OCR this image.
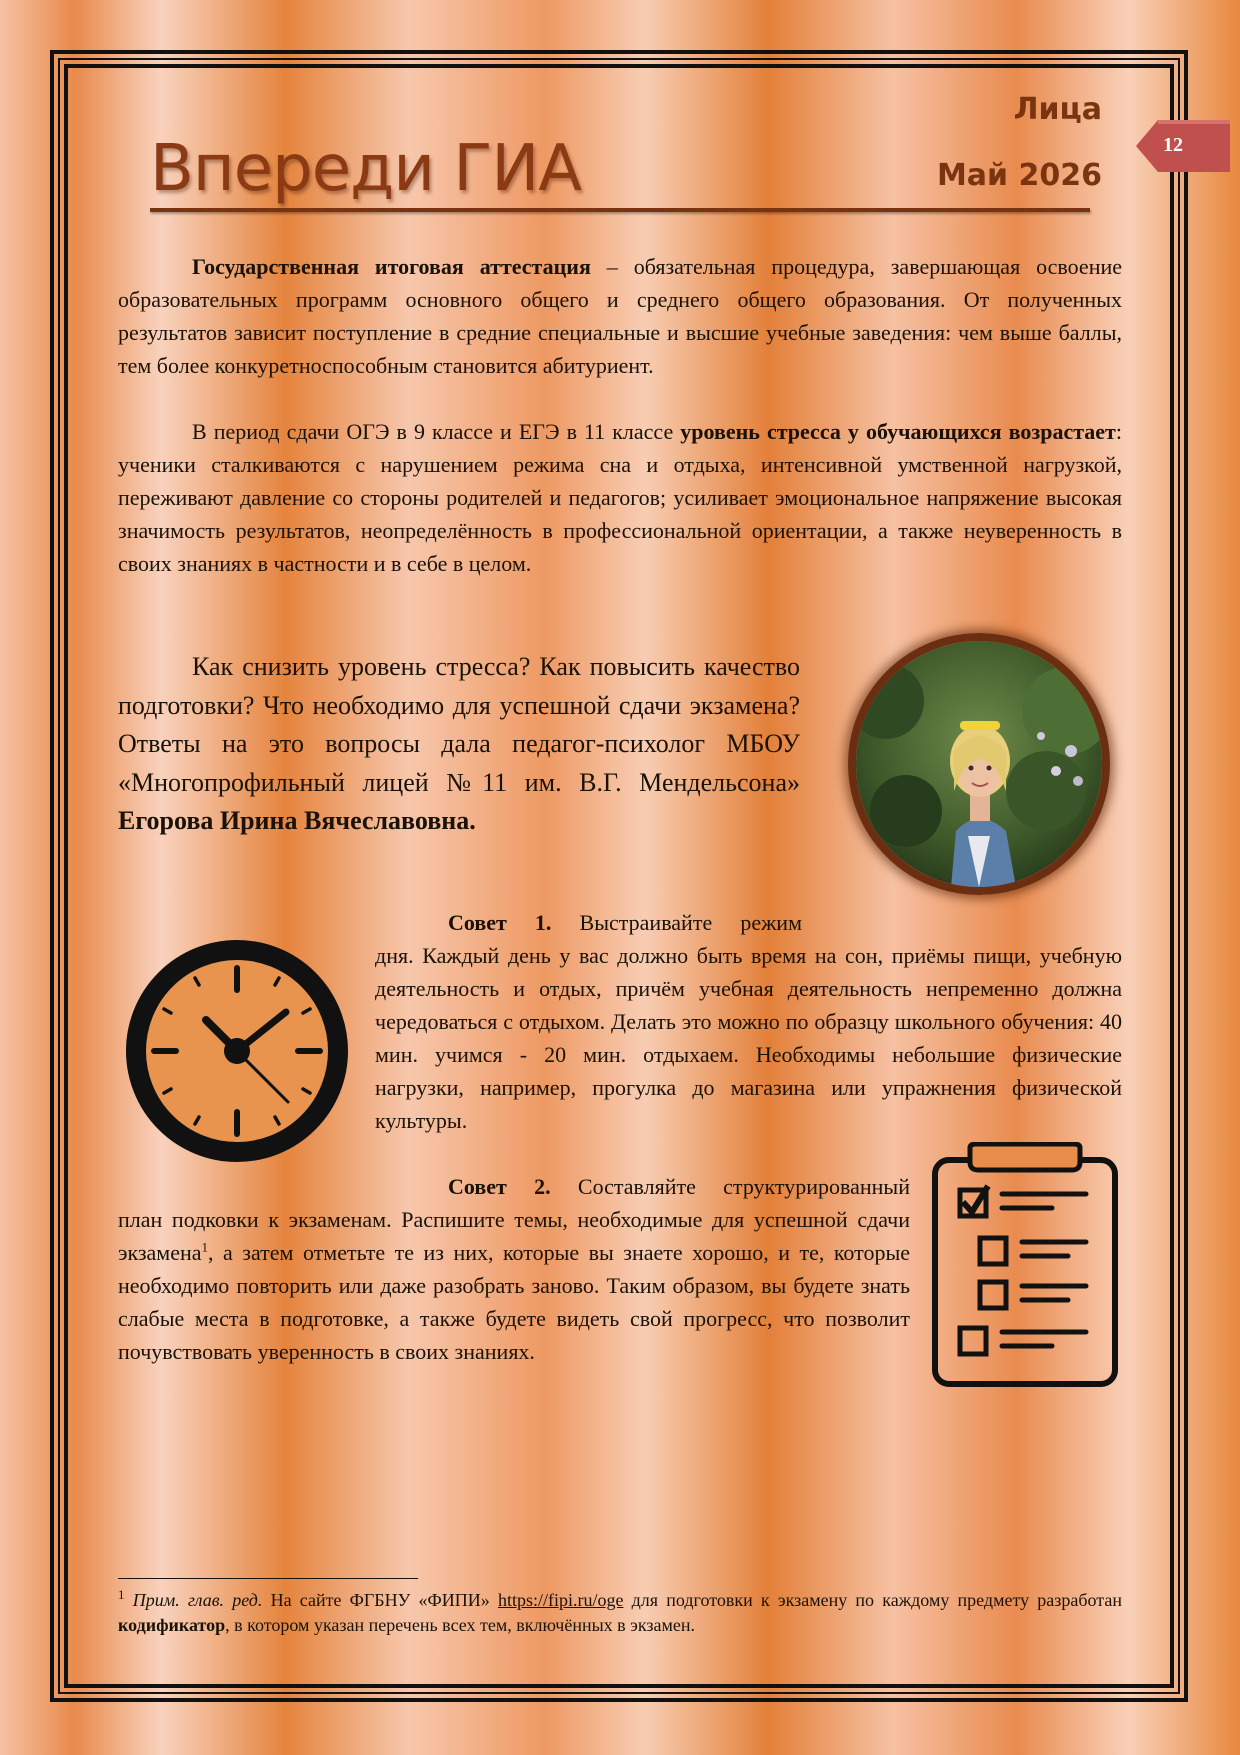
Впереди ГИА

Лица

Май 2026

12

Государственная итоговая аттестация – обязательная процедура, завершающая освоение образовательных программ основного общего и среднего общего образования. От полученных результатов зависит поступление в средние специальные и высшие учебные заведения: чем выше баллы, тем более конкуретноспособным становится абитуриент.

В период сдачи ОГЭ в 9 классе и ЕГЭ в 11 классе уровень стресса у обучающихся возрастает: ученики сталкиваются с нарушением режима сна и отдыха, интенсивной умственной нагрузкой, переживают давление со стороны родителей и педагогов; усиливает эмоциональное напряжение высокая значимость результатов, неопределённость в профессиональной ориентации, а также неуверенность в своих знаниях в частности и в себе в целом.

Как снизить уровень стресса? Как повысить качество подготовки? Что необходимо для успешной сдачи экзамена? Ответы на это вопросы дала педагог-психолог МБОУ «Многопрофильный лицей №11 им. В.Г. Мендельсона» Егорова Ирина Вячеславовна.

Совет 1. Выстраивайте режим

дня. Каждый день у вас должно быть время на сон, приёмы пищи, учебную деятельность и отдых, причём учебная деятельность непременно должна чередоваться с отдыхом. Делать это можно по образцу школьного обучения: 40 мин. учимся - 20 мин. отдыхаем. Необходимы небольшие физические нагрузки, например, прогулка до магазина или упражнения физической культуры.

Совет 2. Составляйте структурированный

план подковки к экзаменам. Распишите темы, необходимые для успешной сдачи экзамена$^1$, а затем отметьте те из них, которые вы знаете хорошо, и те, которые необходимо повторить или даже разобрать заново. Таким образом, вы будете знать слабые места в подготовке, а также будете видеть свой прогресс, что позволит почувствовать уверенность в своих знаниях.

$^1$ Прим. глав. ред. На сайте ФГБНУ «ФИПИ» https://fipi.ru/oge для подготовки к экзамену по каждому предмету разработан кодификатор, в котором указан перечень всех тем, включённых в экзамен.
